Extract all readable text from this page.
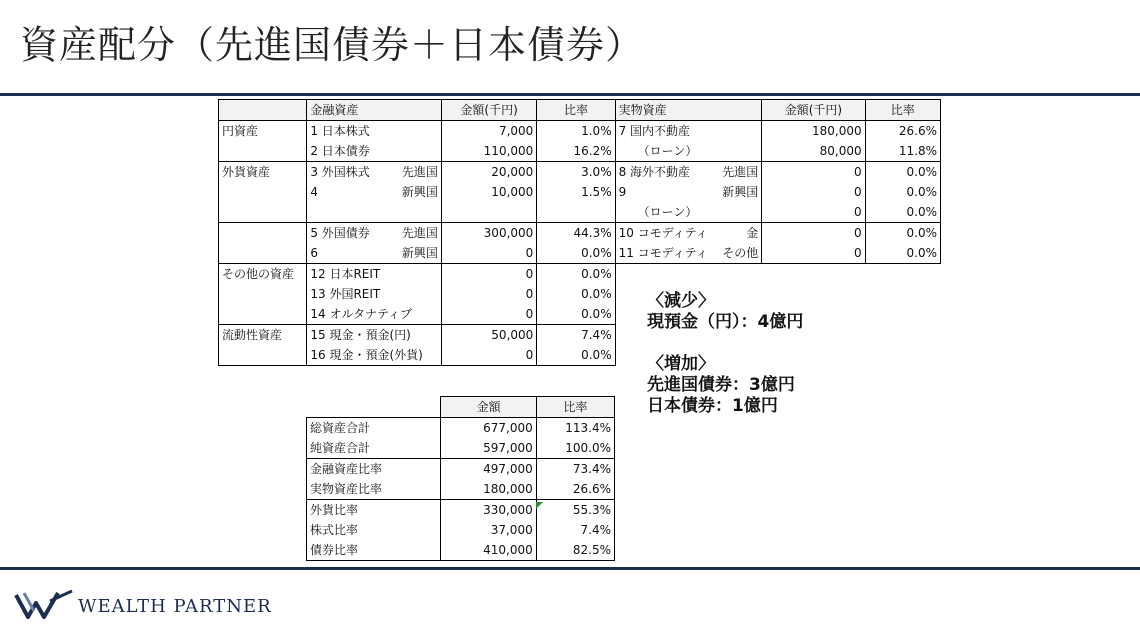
資産配分（先進国債券＋日本債券）
	金融資産	金額(千円)	比率	実物資産	金額(千円)	比率
円資産	1 日本株式	7,000	1.0%	7 国内不動産	180,000	26.6%
	2 日本債券	110,000	16.2%	（ローン）	80,000	11.8%
外貨資産	3 外国株式 先進国	20,000	3.0%	8 海外不動産 先進国	0	0.0%

	4 新興国	10,000	1.5%	9 新興国	0	0.0%
				（ローン）	0	0.0%

	5 外国債券 先進国	300,000	44.3%	10 コモディティ 金	0	0.0%

	6 新興国	0	0.0%	11 コモディティ その他	0	0.0%
その他の資産	12 日本REIT	0	0.0%			
	13 外国REIT	0	0.0%			
	14 オルタナティブ	0	0.0%			
流動性資産	15 現金・預金(円)	50,000	7.4%			
	16 現金・預金(外貨)	0	0.0%			
	金額	比率
総資産合計	677,000	113.4%
純資産合計	597,000	100.0%
金融資産比率	497,000	73.4%
実物資産比率	180,000	26.6%
外貨比率	330,000	55.3%
株式比率	37,000	7.4%
債券比率	410,000	82.5%
〈減少〉
現預金（円）：4億円
〈増加〉
先進国債券：3億円
日本債券：1億円
WEALTH PARTNER
